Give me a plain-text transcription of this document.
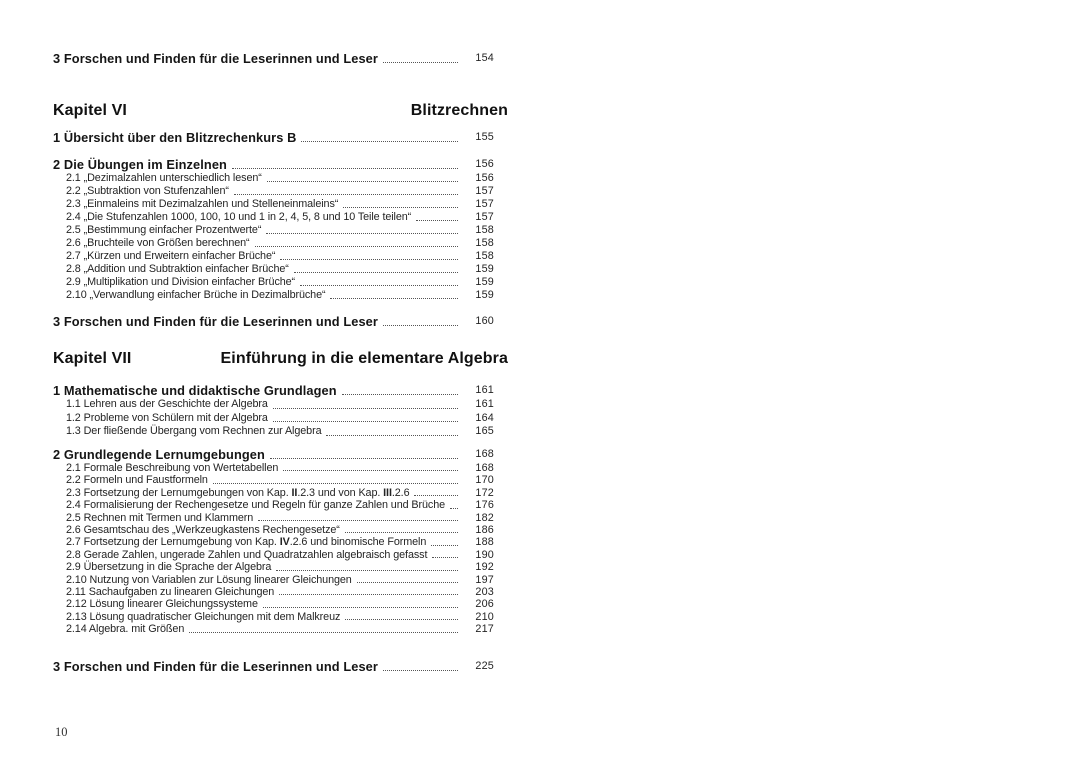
3 Forschen und Finden für die Leserinnen und Leser	154
Kapitel VI	Blitzrechnen
1 Übersicht über den Blitzrechenkurs B	155
2 Die Übungen im Einzelnen	156
2.1 „Dezimalzahlen unterschiedlich lesen“	156
2.2 „Subtraktion von Stufenzahlen“	157
2.3 „Einmaleins mit Dezimalzahlen und Stelleneinmaleins“	157
2.4 „Die Stufenzahlen 1000, 100, 10 und 1 in 2, 4, 5, 8 und 10 Teile teilen“	157
2.5 „Bestimmung einfacher Prozentwerte“	158
2.6 „Bruchteile von Größen berechnen“	158
2.7 „Kürzen und Erweitern einfacher Brüche“	158
2.8 „Addition und Subtraktion einfacher Brüche“	159
2.9 „Multiplikation und Division einfacher Brüche“	159
2.10 „Verwandlung einfacher Brüche in Dezimalbrüche“	159
3 Forschen und Finden für die Leserinnen und Leser	160
Kapitel VII	Einführung in die elementare Algebra
1 Mathematische und didaktische Grundlagen	161
1.1 Lehren aus der Geschichte der Algebra	161
1.2 Probleme von Schülern mit der Algebra	164
1.3 Der fließende Übergang vom Rechnen zur Algebra	165
2 Grundlegende Lernumgebungen	168
2.1 Formale Beschreibung von Wertetabellen	168
2.2 Formeln und Faustformeln	170
2.3 Fortsetzung der Lernumgebungen von Kap. II.2.3 und von Kap. III.2.6	172
2.4 Formalisierung der Rechengesetze und Regeln für ganze Zahlen und Brüche	176
2.5 Rechnen mit Termen und Klammern	182
2.6 Gesamtschau des „Werkzeugkastens Rechengesetze“	186
2.7 Fortsetzung der Lernumgebung von Kap. IV.2.6 und binomische Formeln	188
2.8 Gerade Zahlen, ungerade Zahlen und Quadratzahlen algebraisch gefasst	190
2.9 Übersetzung in die Sprache der Algebra	192
2.10 Nutzung von Variablen zur Lösung linearer Gleichungen	197
2.11 Sachaufgaben zu linearen Gleichungen	203
2.12 Lösung linearer Gleichungssysteme	206
2.13 Lösung quadratischer Gleichungen mit dem Malkreuz	210
2.14 Algebra. mit Größen	217
3 Forschen und Finden für die Leserinnen und Leser	225
10
